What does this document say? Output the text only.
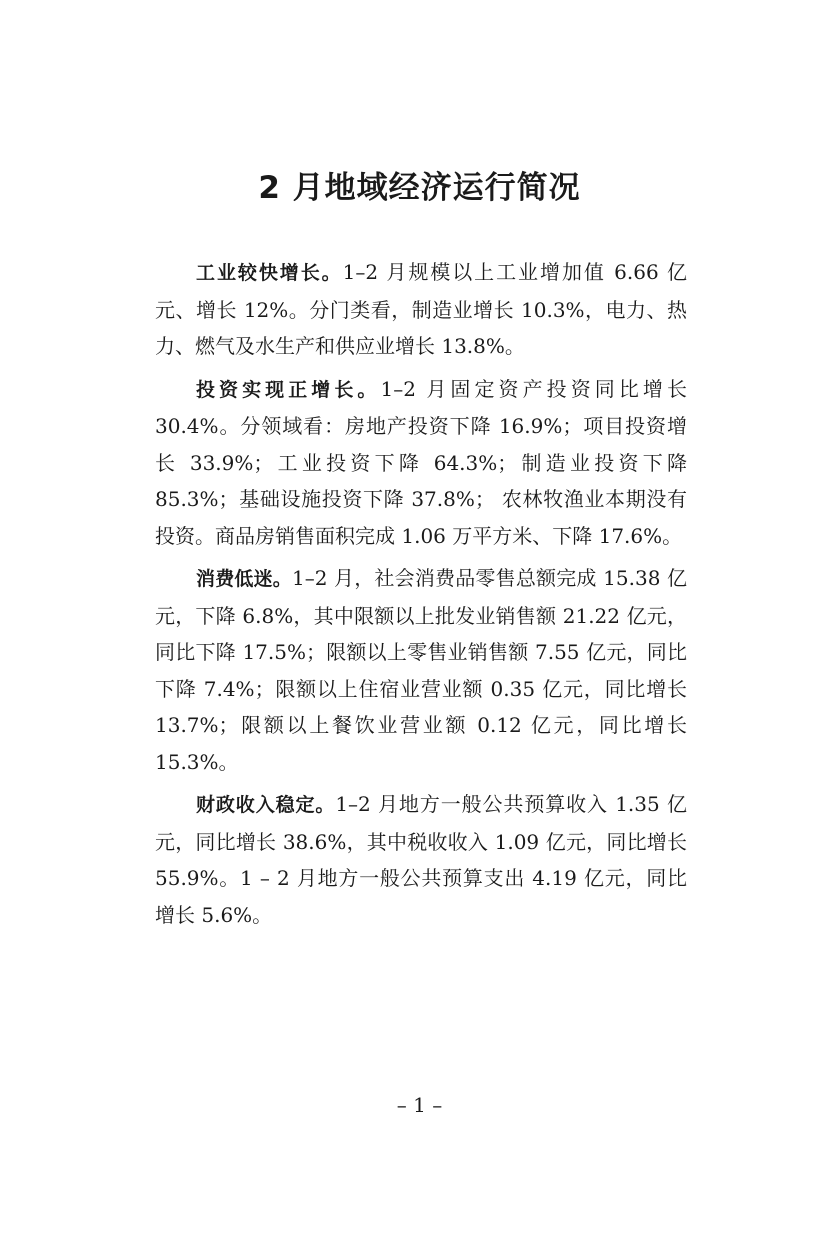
2 月地域经济运行简况

工业较快增长。1–2 月规模以上工业增加值 6.66 亿元、增长 12%。分门类看，制造业增长 10.3%，电力、热力、燃气及水生产和供应业增长 13.8%。

投资实现正增长。1–2 月固定资产投资同比增长 30.4%。分领域看：房地产投资下降 16.9%；项目投资增长 33.9%；工业投资下降 64.3%；制造业投资下降 85.3%；基础设施投资下降 37.8%； 农林牧渔业本期没有投资。商品房销售面积完成 1.06 万平方米、下降 17.6%。

消费低迷。1–2 月，社会消费品零售总额完成 15.38 亿元，下降 6.8%，其中限额以上批发业销售额 21.22 亿元，同比下降 17.5%；限额以上零售业销售额 7.55 亿元，同比下降 7.4%；限额以上住宿业营业额 0.35 亿元，同比增长 13.7%；限额以上餐饮业营业额 0.12 亿元，同比增长 15.3%。

财政收入稳定。1–2 月地方一般公共预算收入 1.35 亿元，同比增长 38.6%，其中税收收入 1.09 亿元，同比增长 55.9%。1 – 2 月地方一般公共预算支出 4.19 亿元，同比增长 5.6%。

– 1 –
